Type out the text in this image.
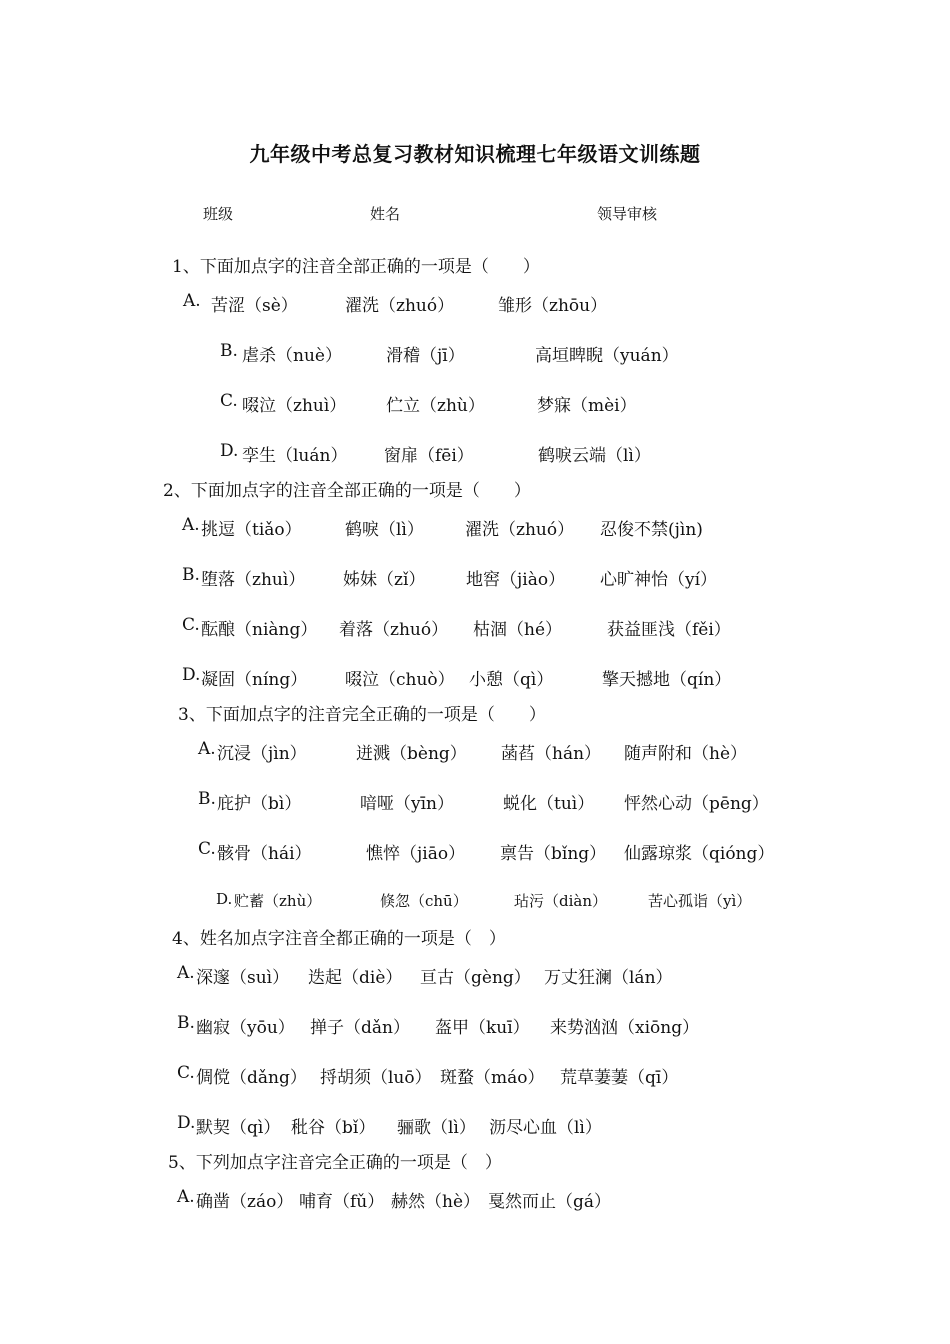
九年级中考总复习教材知识梳理七年级语文训练题
班级	姓名	领导审核
1、下面加点字的注音全部正确的一项是（　　）
A. 苦涩（sè）	濯洗（zhuó）	雏形（zhōu）
B. 虐杀（nuè）	滑稽（jī）	高垣睥睨（yuán）
C. 啜泣（zhuì） 伫立（zhù）	梦寐（mèi）
D. 孪生（luán） 窗扉（fēi）	鹤唳云端（lì）
2、下面加点字的注音全部正确的一项是（　　）
A. 挑逗（tiǎo）	鹤唳（lì） 濯洗（zhuó） 忍俊不禁(jìn)
B. 堕落（zhuì） 姊妹（zǐ） 地窖（jiào） 心旷神怡（yí）
C. 酝酿（niàng） 着落（zhuó） 枯涸（hé）	获益匪浅（fěi）
D. 凝固（níng） 啜泣（chuò） 小憩（qì）	擎天撼地（qín）
3、下面加点字的注音完全正确的一项是（　　）
A. 沉浸（jìn）	迸溅（bèng） 菡萏（hán） 随声附和（hè）
B. 庇护（bì）	喑哑（yīn）	蜕化（tuì） 怦然心动（pēng）
C. 骸骨（hái）	憔悴（jiāo） 禀告（bǐng） 仙露琼浆（qióng）
D. 贮蓄（zhù）	倏忽（chū）	玷污（diàn）	苦心孤诣（yì）
4、姓名加点字注音全都正确的一项是（　）
A. 深邃（suì） 迭起（diè） 亘古（gèng） 万丈狂澜（lán）
B. 幽寂（yōu） 掸子（dǎn） 盔甲（kuī） 来势汹汹（xiōng）
C. 倜傥（dǎng） 捋胡须（luō） 斑蝥（máo） 荒草萋萋（qī）
D. 默契（qì） 秕谷（bǐ） 骊歌（lì） 沥尽心血（lì）
5、下列加点字注音完全正确的一项是（　）
A. 确凿（záo） 哺育（fǔ） 赫然（hè） 戛然而止（gá）
